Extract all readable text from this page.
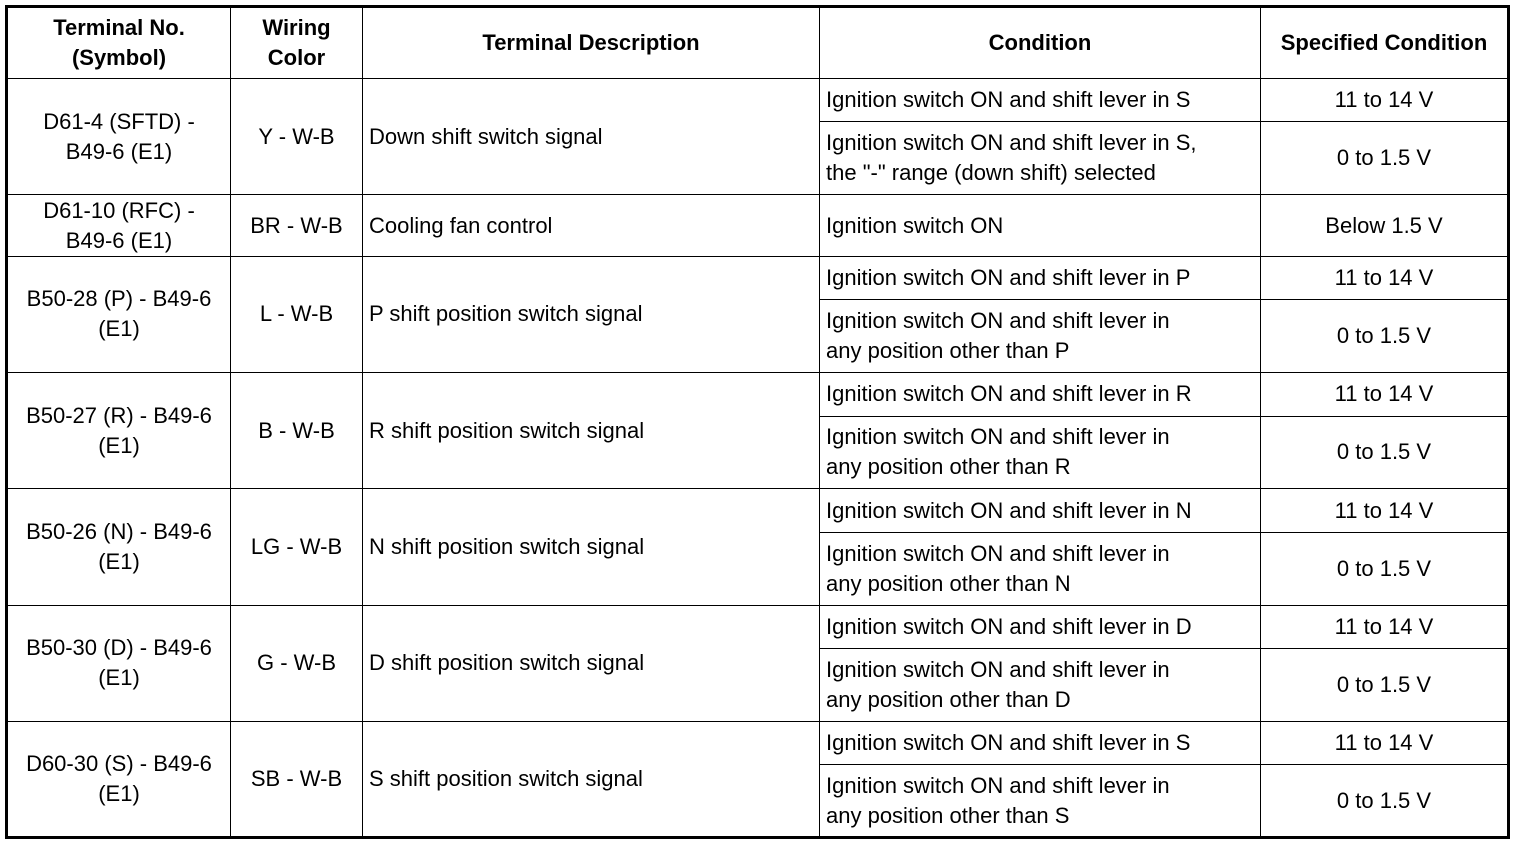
Terminal No.
(Symbol)	Wiring
Color	Terminal Description	Condition	Specified Condition
D61-4 (SFTD) -
B49-6 (E1)	Y - W-B	Down shift switch signal	Ignition switch ON and shift lever in S	11 to 14 V
			Ignition switch ON and shift lever in S,
the "-" range (down shift) selected	0 to 1.5 V
D61-10 (RFC) -
B49-6 (E1)	BR - W-B	Cooling fan control	Ignition switch ON	Below 1.5 V
B50-28 (P) - B49-6
(E1)	L - W-B	P shift position switch signal	Ignition switch ON and shift lever in P	11 to 14 V
			Ignition switch ON and shift lever in
any position other than P	0 to 1.5 V
B50-27 (R) - B49-6
(E1)	B - W-B	R shift position switch signal	Ignition switch ON and shift lever in R	11 to 14 V
			Ignition switch ON and shift lever in
any position other than R	0 to 1.5 V
B50-26 (N) - B49-6
(E1)	LG - W-B	N shift position switch signal	Ignition switch ON and shift lever in N	11 to 14 V
			Ignition switch ON and shift lever in
any position other than N	0 to 1.5 V
B50-30 (D) - B49-6
(E1)	G - W-B	D shift position switch signal	Ignition switch ON and shift lever in D	11 to 14 V
			Ignition switch ON and shift lever in
any position other than D	0 to 1.5 V
D60-30 (S) - B49-6
(E1)	SB - W-B	S shift position switch signal	Ignition switch ON and shift lever in S	11 to 14 V
			Ignition switch ON and shift lever in
any position other than S	0 to 1.5 V
